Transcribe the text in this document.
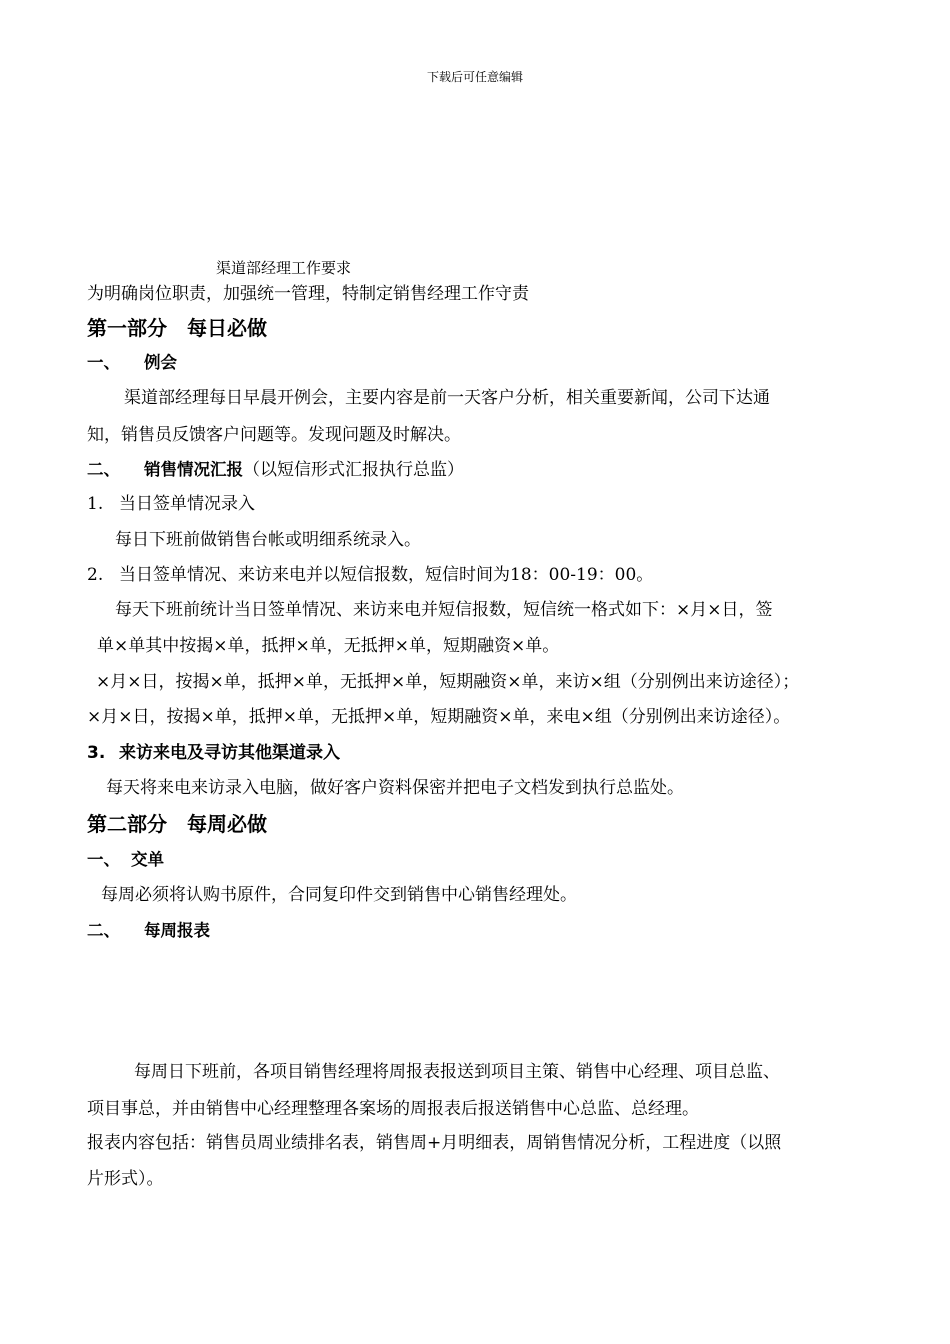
下载后可任意编辑
渠道部经理工作要求
为明确岗位职责，加强统一管理，特制定销售经理工作守责
第一部分　每日必做
一、 例会
渠道部经理每日早晨开例会，主要内容是前一天客户分析，相关重要新闻，公司下达通
知，销售员反馈客户问题等。发现问题及时解决。
二、 销售情况汇报（以短信形式汇报执行总监）
1. 当日签单情况录入
每日下班前做销售台帐或明细系统录入。
2. 当日签单情况、来访来电并以短信报数，短信时间为18：00-19：00。
每天下班前统计当日签单情况、来访来电并短信报数，短信统一格式如下：×月×日，签
单×单其中按揭×单，抵押×单，无抵押×单，短期融资×单。
×月×日，按揭×单，抵押×单，无抵押×单，短期融资×单，来访×组（分别例出来访途径）；
×月×日，按揭×单，抵押×单，无抵押×单，短期融资×单，来电×组（分别例出来访途径）。
3. 来访来电及寻访其他渠道录入
每天将来电来访录入电脑，做好客户资料保密并把电子文档发到执行总监处。
第二部分　每周必做
一、 交单
每周必须将认购书原件，合同复印件交到销售中心销售经理处。
二、 每周报表
每周日下班前，各项目销售经理将周报表报送到项目主策、销售中心经理、项目总监、
项目事总，并由销售中心经理整理各案场的周报表后报送销售中心总监、总经理。
报表内容包括：销售员周业绩排名表，销售周+月明细表，周销售情况分析，工程进度（以照
片形式）。
